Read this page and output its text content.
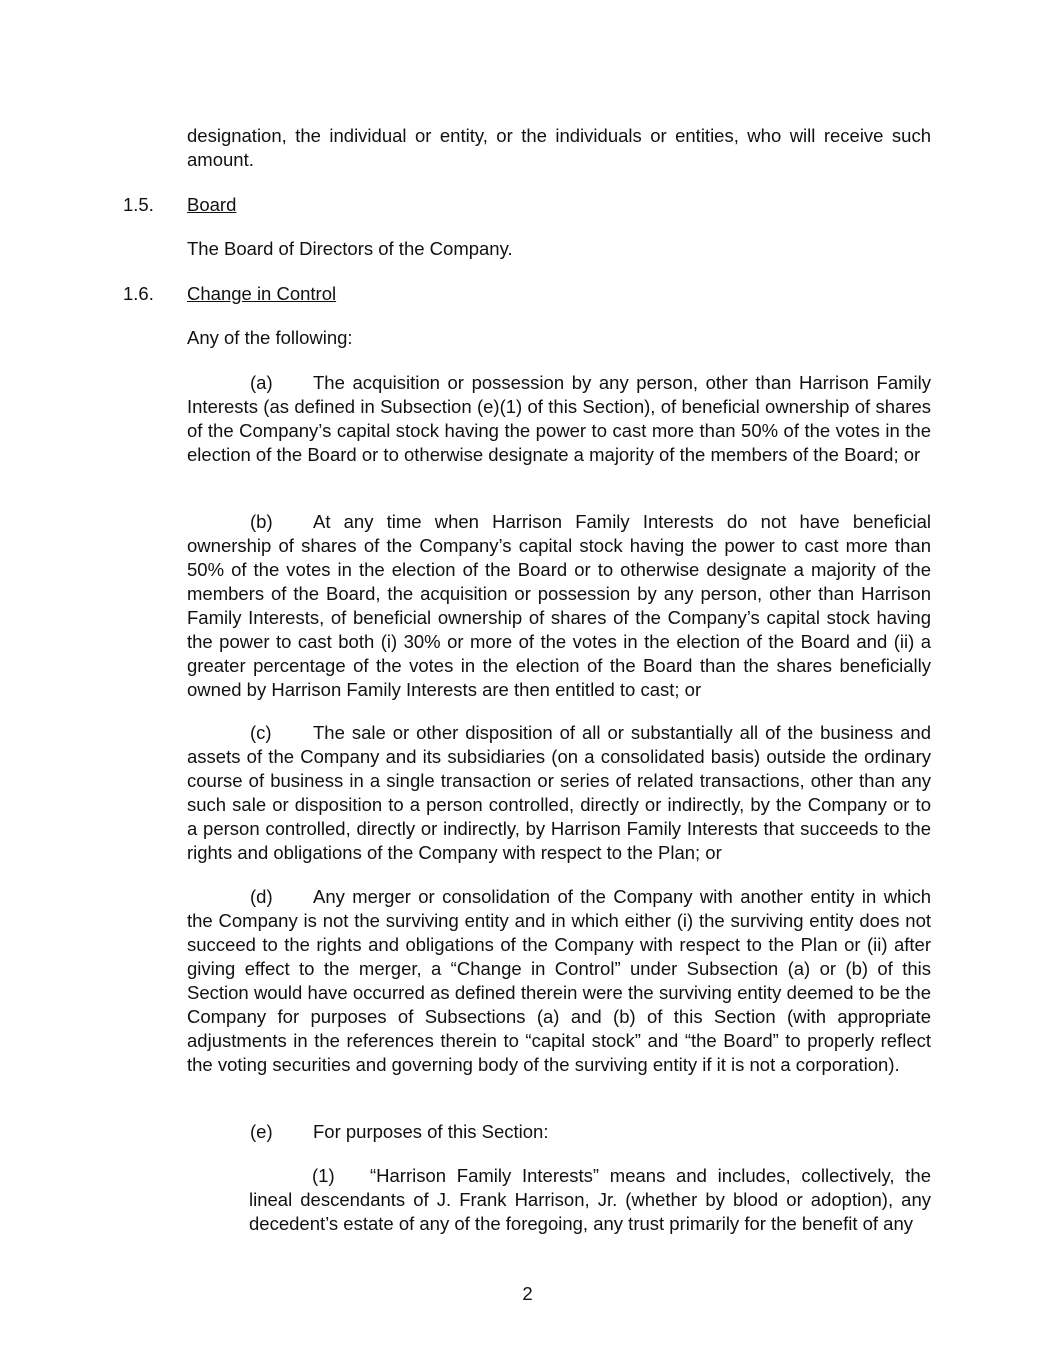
designation, the individual or entity, or the individuals or entities, who will receive such amount.

1.5. Board

The Board of Directors of the Company.

1.6. Change in Control

Any of the following:

(a) The acquisition or possession by any person, other than Harrison Family Interests (as defined in Subsection (e)(1) of this Section), of beneficial ownership of shares of the Company’s capital stock having the power to cast more than 50% of the votes in the election of the Board or to otherwise designate a majority of the members of the Board; or

(b) At any time when Harrison Family Interests do not have beneficial ownership of shares of the Company’s capital stock having the power to cast more than 50% of the votes in the election of the Board or to otherwise designate a majority of the members of the Board, the acquisition or possession by any person, other than Harrison Family Interests, of beneficial ownership of shares of the Company’s capital stock having the power to cast both (i) 30% or more of the votes in the election of the Board and (ii) a greater percentage of the votes in the election of the Board than the shares beneficially owned by Harrison Family Interests are then entitled to cast; or

(c) The sale or other disposition of all or substantially all of the business and assets of the Company and its subsidiaries (on a consolidated basis) outside the ordinary course of business in a single transaction or series of related transactions, other than any such sale or disposition to a person controlled, directly or indirectly, by the Company or to a person controlled, directly or indirectly, by Harrison Family Interests that succeeds to the rights and obligations of the Company with respect to the Plan; or

(d) Any merger or consolidation of the Company with another entity in which the Company is not the surviving entity and in which either (i) the surviving entity does not succeed to the rights and obligations of the Company with respect to the Plan or (ii) after giving effect to the merger, a “Change in Control” under Subsection (a) or (b) of this Section would have occurred as defined therein were the surviving entity deemed to be the Company for purposes of Subsections (a) and (b) of this Section (with appropriate adjustments in the references therein to “capital stock” and “the Board” to properly reflect the voting securities and governing body of the surviving entity if it is not a corporation).

(e) For purposes of this Section:

(1) “Harrison Family Interests” means and includes, collectively, the lineal descendants of J. Frank Harrison, Jr. (whether by blood or adoption), any decedent’s estate of any of the foregoing, any trust primarily for the benefit of any

2
